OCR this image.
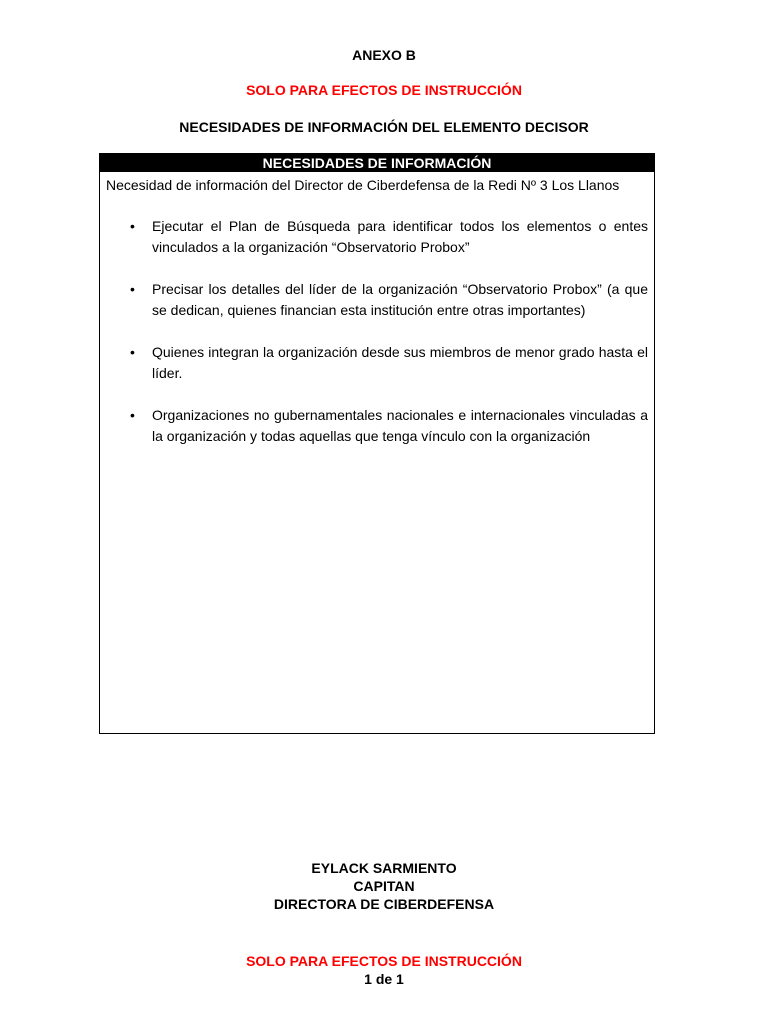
ANEXO B

SOLO PARA EFECTOS DE INSTRUCCIÓN

NECESIDADES DE INFORMACIÓN DEL ELEMENTO DECISOR

NECESIDADES DE INFORMACIÓN

Necesidad de información del Director de Ciberdefensa de la Redi Nº 3 Los Llanos

• Ejecutar el Plan de Búsqueda para identificar todos los elementos o entes vinculados a la organización “Observatorio Probox”
• Precisar los detalles del líder de la organización “Observatorio Probox” (a que se dedican, quienes financian esta institución entre otras importantes)
• Quienes integran la organización desde sus miembros de menor grado hasta el líder.
• Organizaciones no gubernamentales nacionales e internacionales vinculadas a la organización y todas aquellas que tenga vínculo con la organización

EYLACK SARMIENTO

CAPITAN

DIRECTORA DE CIBERDEFENSA

SOLO PARA EFECTOS DE INSTRUCCIÓN

1 de 1
